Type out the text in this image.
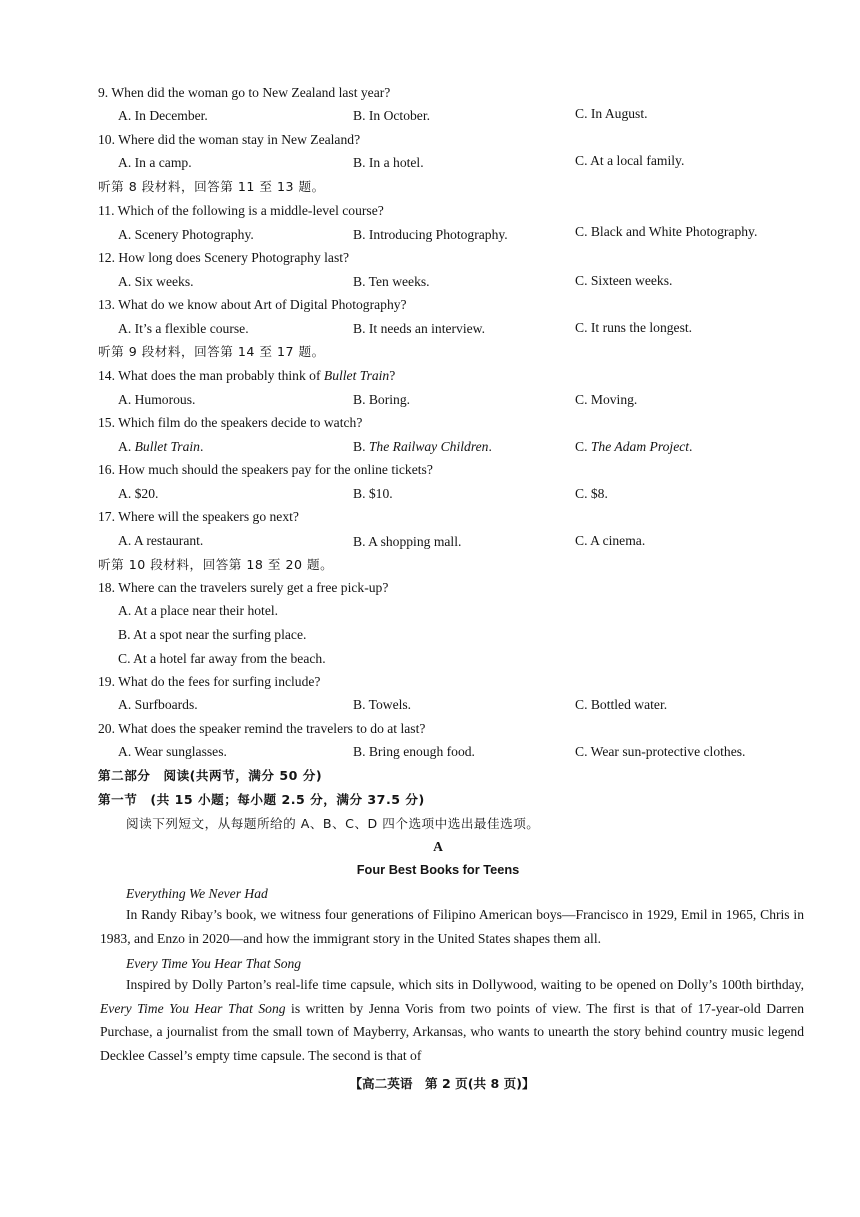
9. When did the woman go to New Zealand last year?
A. In December.	B. In October.	C. In August.
10. Where did the woman stay in New Zealand?
A. In a camp.	B. In a hotel.	C. At a local family.
听第 8 段材料，回答第 11 至 13 题。
11. Which of the following is a middle-level course?
A. Scenery Photography.	B. Introducing Photography.	C. Black and White Photography.
12. How long does Scenery Photography last?
A. Six weeks.	B. Ten weeks.	C. Sixteen weeks.
13. What do we know about Art of Digital Photography?
A. It’s a flexible course.	B. It needs an interview.	C. It runs the longest.
听第 9 段材料，回答第 14 至 17 题。
14. What does the man probably think of Bullet Train?
A. Humorous.	B. Boring.	C. Moving.
15. Which film do the speakers decide to watch?
A. Bullet Train.	B. The Railway Children.	C. The Adam Project.
16. How much should the speakers pay for the online tickets?
A. $20.	B. $10.	C. $8.
17. Where will the speakers go next?
A. A restaurant.	B. A shopping mall.	C. A cinema.
听第 10 段材料，回答第 18 至 20 题。
18. Where can the travelers surely get a free pick-up?
A. At a place near their hotel.
B. At a spot near the surfing place.
C. At a hotel far away from the beach.
19. What do the fees for surfing include?
A. Surfboards.	B. Towels.	C. Bottled water.
20. What does the speaker remind the travelers to do at last?
A. Wear sunglasses.	B. Bring enough food.	C. Wear sun-protective clothes.
第二部分　阅读(共两节，满分 50 分)
第一节　(共 15 小题；每小题 2.5 分，满分 37.5 分)
阅读下列短文，从每题所给的 A、B、C、D 四个选项中选出最佳选项。
A
Four Best Books for Teens
Everything We Never Had
In Randy Ribay’s book, we witness four generations of Filipino American boys—Francisco in 1929, Emil in 1965, Chris in 1983, and Enzo in 2020—and how the immigrant story in the United States shapes them all.
Every Time You Hear That Song
Inspired by Dolly Parton’s real-life time capsule, which sits in Dollywood, waiting to be opened on Dolly’s 100th birthday, Every Time You Hear That Song is written by Jenna Voris from two points of view. The first is that of 17-year-old Darren Purchase, a journalist from the small town of Mayberry, Arkansas, who wants to unearth the story behind country music legend Decklee Cassel’s empty time capsule. The second is that of
【高二英语　第 2 页(共 8 页)】
